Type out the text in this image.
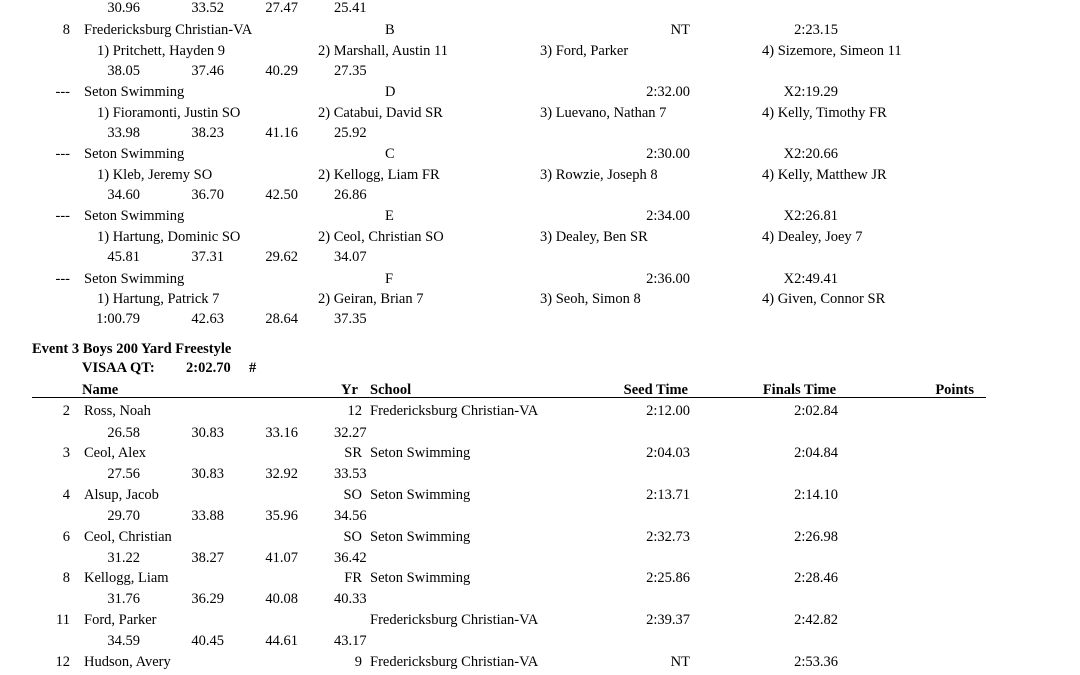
30.96	33.52	27.47 25.41
8 Fredericksburg Christian-VA	B	NT	2:23.15
1) Pritchett, Hayden 9	2) Marshall, Austin 11	3) Ford, Parker	4) Sizemore, Simeon 11
38.05	37.46	40.29 27.35
--- Seton Swimming	D	2:32.00	X2:19.29
1) Fioramonti, Justin SO	2) Catabui, David SR	3) Luevano, Nathan 7	4) Kelly, Timothy FR
33.98	38.23	41.16 25.92
--- Seton Swimming	C	2:30.00	X2:20.66
1) Kleb, Jeremy SO	2) Kellogg, Liam FR	3) Rowzie, Joseph 8	4) Kelly, Matthew JR
34.60	36.70	42.50 26.86
--- Seton Swimming	E	2:34.00	X2:26.81
1) Hartung, Dominic SO	2) Ceol, Christian SO	3) Dealey, Ben SR	4) Dealey, Joey 7
45.81	37.31	29.62 34.07
--- Seton Swimming	F	2:36.00	X2:49.41
1) Hartung, Patrick 7	2) Geiran, Brian 7	3) Seoh, Simon 8	4) Given, Connor SR
1:00.79	42.63	28.64 37.35
Event 3 Boys 200 Yard Freestyle
VISAA QT: 2:02.70 #
Name	Yr School	Seed Time	Finals Time	Points
2 Ross, Noah	12 Fredericksburg Christian-VA	2:12.00	2:02.84
26.58	30.83	33.16 32.27
3 Ceol, Alex	SR Seton Swimming	2:04.03	2:04.84
27.56	30.83	32.92 33.53
4 Alsup, Jacob	SO Seton Swimming	2:13.71	2:14.10
29.70	33.88	35.96 34.56
6 Ceol, Christian	SO Seton Swimming	2:32.73	2:26.98
31.22	38.27	41.07 36.42
8 Kellogg, Liam	FR Seton Swimming	2:25.86	2:28.46
31.76	36.29	40.08 40.33
11 Ford, Parker	Fredericksburg Christian-VA	2:39.37	2:42.82
34.59	40.45	44.61 43.17
12 Hudson, Avery	9 Fredericksburg Christian-VA	NT	2:53.36
